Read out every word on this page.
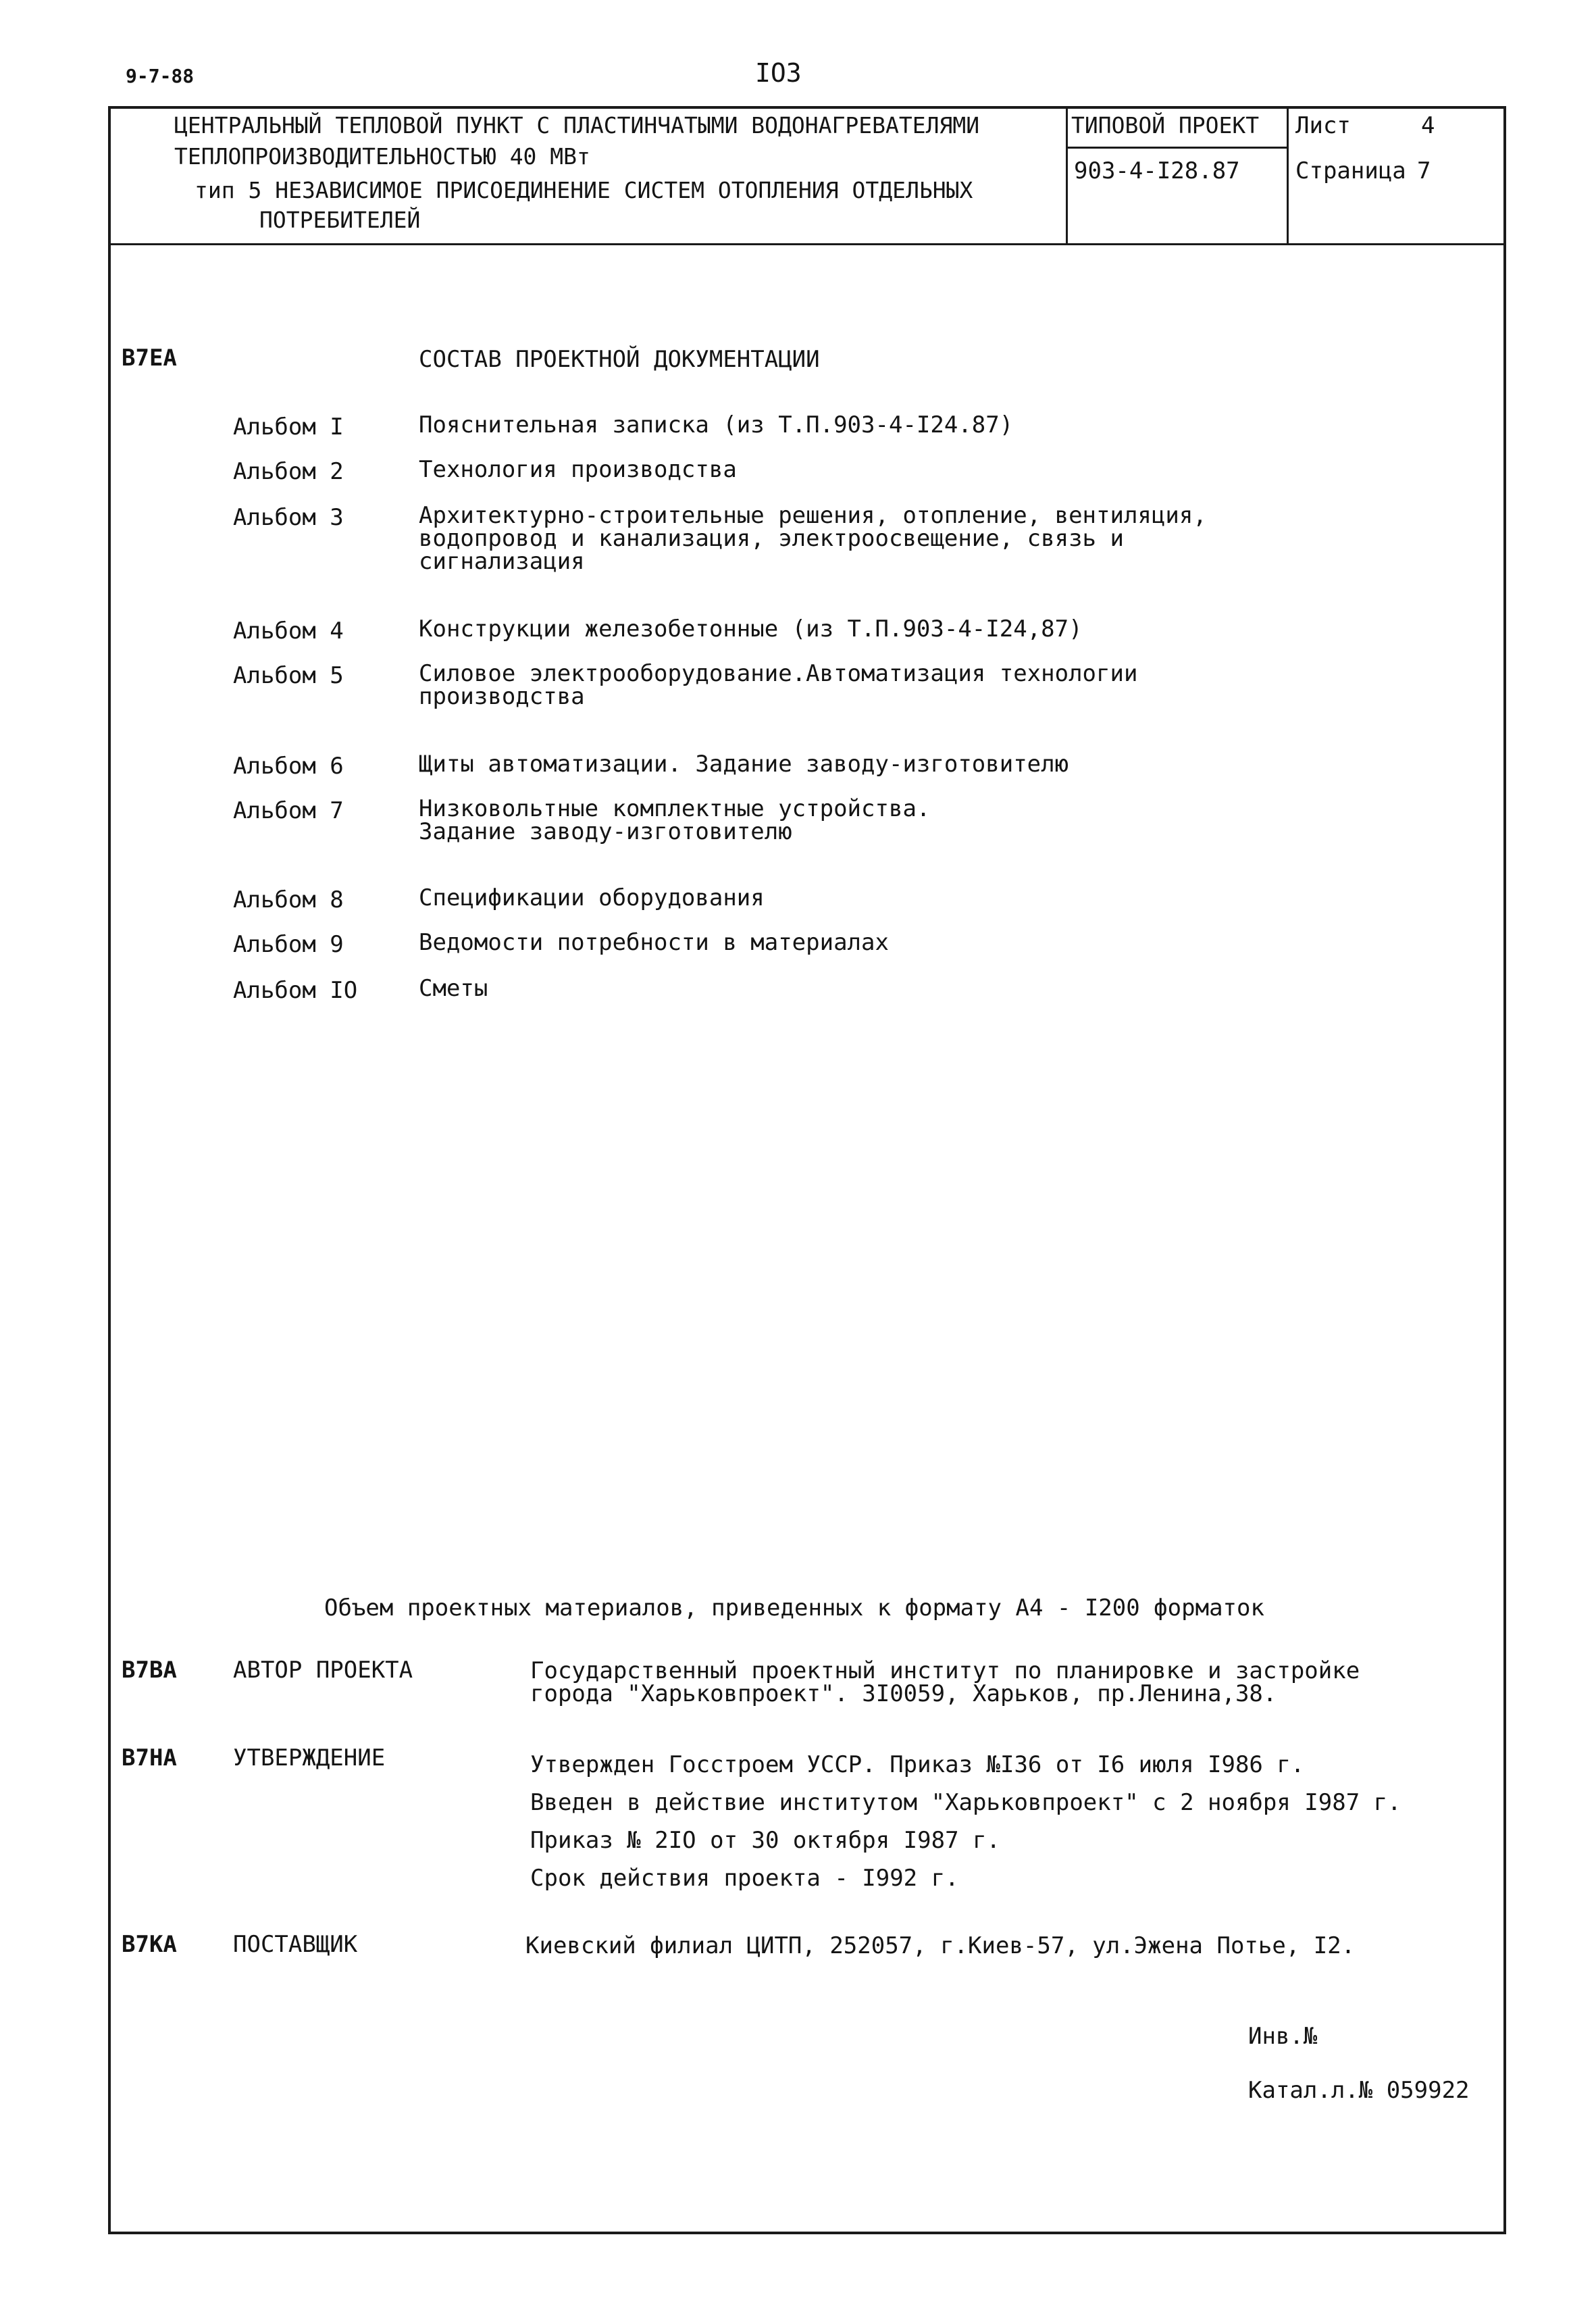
9-7-88	IO3
ЦЕНТРАЛЬНЫЙ ТЕПЛОВОЙ ПУНКТ С ПЛАСТИНЧАТЫМИ ВОДОНАГРЕВАТЕЛЯМИ
ТЕПЛОПРОИЗВОДИТЕЛЬНОСТЬЮ 40 МВт
тип 5 НЕЗАВИСИМОЕ ПРИСОЕДИНЕНИЕ СИСТЕМ ОТОПЛЕНИЯ ОТДЕЛЬНЫХ
ПОТРЕБИТЕЛЕЙ
ТИПОВОЙ ПРОЕКТ
903-4-I28.87
Лист	4
Страница 7
В7ЕА	СОСТАВ ПРОЕКТНОЙ ДОКУМЕНТАЦИИ
Альбом I	Пояснительная записка (из Т.П.903-4-I24.87)
Альбом 2	Технология производства
Альбом 3	Архитектурно-строительные решения, отопление, вентиляция,
водопровод и канализация, электроосвещение, связь и
сигнализация
Альбом 4	Конструкции железобетонные (из Т.П.903-4-I24,87)
Альбом 5	Силовое электрооборудование.Автоматизация технологии
производства
Альбом 6	Щиты автоматизации. Задание заводу-изготовителю
Альбом 7	Низковольтные комплектные устройства.
Задание заводу-изготовителю
Альбом 8	Спецификации оборудования
Альбом 9	Ведомости потребности в материалах
Альбом IO	Сметы
Объем проектных материалов, приведенных к формату А4 - I200 форматок
В7ВА АВТОР ПРОЕКТА	Государственный проектный институт по планировке и застройке
города "Харьковпроект". 3I0059, Харьков, пр.Ленина,38.
В7НА УТВЕРЖДЕНИЕ	Утвержден Госстроем УССР. Приказ №I36 от I6 июля I986 г.
Введен в действие институтом "Харьковпроект" с 2 ноября I987 г.
Приказ № 2IO от 30 октября I987 г.
Срок действия проекта - I992 г.
В7КА ПОСТАВЩИК	Киевский филиал ЦИТП, 252057, г.Киев-57, ул.Эжена Потье, I2.
Инв.№
Катал.л.№ 059922
